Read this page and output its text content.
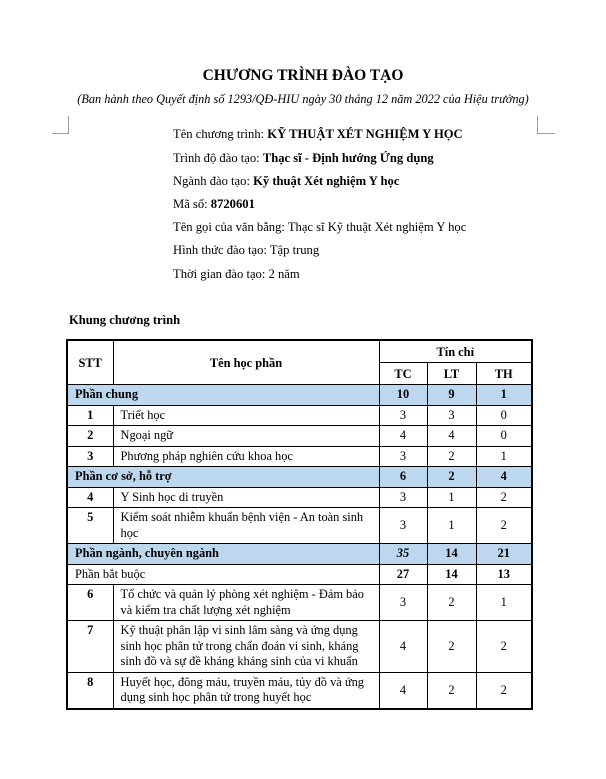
CHƯƠNG TRÌNH ĐÀO TẠO

(Ban hành theo Quyết định số 1293/QĐ-HIU ngày 30 tháng 12 năm 2022 của Hiệu trưởng)

Tên chương trình: KỸ THUẬT XÉT NGHIỆM Y HỌC
Trình độ đào tạo: Thạc sĩ - Định hướng Ứng dụng
Ngành đào tạo: Kỹ thuật Xét nghiệm Y học
Mã số: 8720601
Tên gọi của văn bằng: Thạc sĩ Kỹ thuật Xét nghiệm Y học
Hình thức đào tạo: Tập trung
Thời gian đào tạo: 2 năm
Khung chương trình
STT	Tên học phần	Tín chỉ		
		TC	LT	TH
Phần chung		10	9	1
1	Triết học	3	3	0
2	Ngoại ngữ	4	4	0
3	Phương pháp nghiên cứu khoa học	3	2	1
Phần cơ sở, hỗ trợ		6	2	4
4	Y Sinh học di truyền	3	1	2
5	Kiểm soát nhiễm khuẩn bệnh viện - An toàn sinh học	3	1	2
Phần ngành, chuyên ngành		35	14	21
Phần bắt buộc		27	14	13
6	Tổ chức và quản lý phòng xét nghiệm - Đảm bảo và kiểm tra chất lượng xét nghiệm	3	2	1
7	Kỹ thuật phân lập vi sinh lâm sàng và ứng dụng sinh học phân tử trong chẩn đoán vi sinh, kháng sinh đồ và sự đề kháng kháng sinh của vi khuẩn	4	2	2
8	Huyết học, đông máu, truyền máu, tủy đồ và ứng dụng sinh học phân tử trong huyết học	4	2	2
